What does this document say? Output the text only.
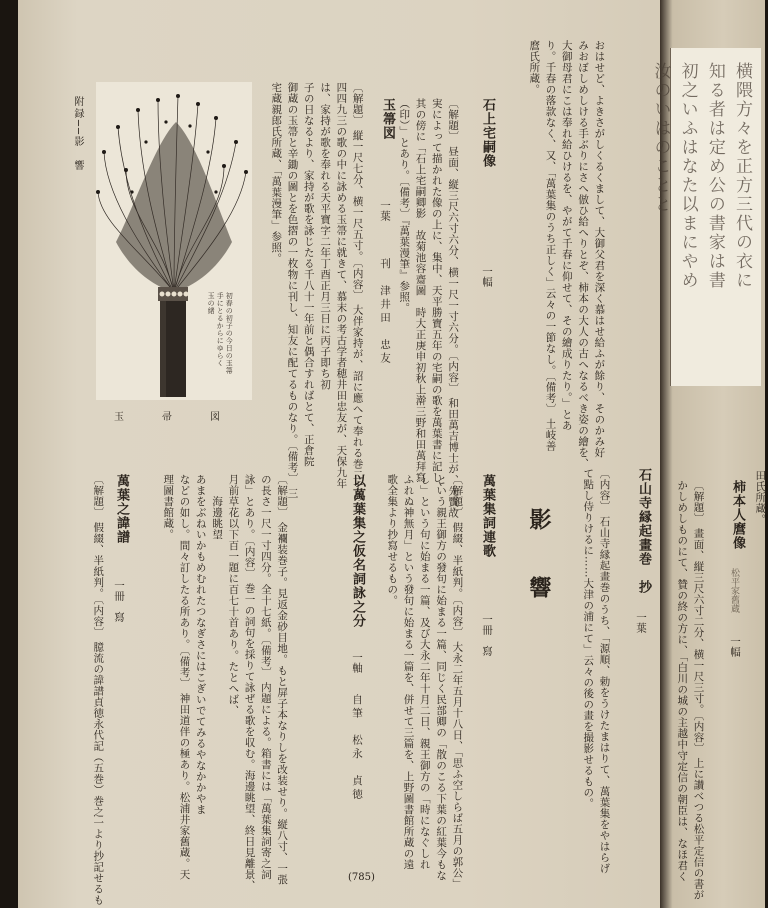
横隈方々を正方三代の衣に
知る者は定め公の書家は書
初之いふはなた以まにやめ
汝のいはのことと
柿本人麿像
松平家舊蔵
一幅
〔解題〕 畫面、縦三尺六寸二分、横一尺三寸。〔内容〕 上に讃べつる松平定信の書が
かしめしものにて、贊の終の方に、「白川の城の主越中守定信の朝臣は、なほ君く	田氏所蔵。
おはせど、よきさがしくるくまして、大御父君を深く慕はせ給ふが餘り、そのかみ好
みおぼしめしける手ぶりにさへ倣ひ給へりとぞ、柿本の大人の古へなるべき姿の繪を、
大御母君にこは奉れ給ひけるを、やがて千春に仰せて、その繪成りたり。」とあ
り。千春の落款なく、又、「萬葉集のうち正しく」云々の一節なし。〔備考〕 土岐善
麿氏所蔵。
石上宅嗣像
一幅
〔解題〕 昼面、縦三尺六寸六分、横一尺一寸六分。〔内容〕 和田萬吉博士が、先賢故
実によって描かれた像の上に、集中、天平勝寶五年の宅嗣の歌を萬葉書に記し、
其の傍に「石上宅嗣卿影　故菊池容齋圖　時大正庚申初秋上澣三野和田萬拜寫
（印）」とあり。〔備考〕『萬葉漫筆』参照。
玉箒図
一葉
刊　津井田　忠友
〔解題〕 縦一尺七分、横一尺五寸。〔内容〕 大伴家持が、詔に應へて奉れる巻二十の
四四九三の歌の中に詠める玉箒に就きて、慕末の考古学者穂井田忠友が、天保九年
は、家持が歌を奉れる天平寶字二年丁酉正月三日に丙子即ち初
子の日なるより、家持が歌を詠じたる千八十一年前と偶合すればとて、正倉院
御蔵の玉箒と辛鋤の圖とを色摺の一枚物に刊し、知友に配てるものなり。〔備考〕 三
宅蔵親郎氏所蔵、「萬葉漫筆」参照。
附録──影　響
初春の初子の今日の玉箒
手にとるからにゆらく
玉の緒
玉 帚 図
石山寺縁起畫巻　抄
一葉
〔内容〕 石山寺縁起畫巻のうち、「源順、勅をうけたまはりて、萬葉集をやはらげ
て點し侍りけるに……大津の浦にて」云々の後の畫を撮影せるもの。
影　響
萬葉集詞連歌
一冊　寫
〔解題〕 假綴、半紙判。〔内容〕 大永二年五月十八日、「思ふ空しらば五月の郭公」
という親王御方の發句に始まる一篇、同じく民部卿の「散のこる下葉の紅葉今もな
し」という句に始まる一篇、及び大永二年十月二日、親王御方の「時になぐしれ
ふれぬ神無月」という發句に始まる一篇を、併せて三篇を、上野圖書館所蔵の遠
歌全集より抄寫せるもの。
以萬葉集之仮名詞詠之分
一軸
自筆　松永　貞徳
〔解題〕 金襴装巻子。見返金砂目地。もと屏子本なりしを改装せり。縦八寸、一張
の長さ一尺一寸四分。全十七紙。〔備考〕 内題による。箱書には「萬葉集詞寄之詞
詠」とあり。〔内容〕 巻一の詞句を採りて詠ぜる歌を収む。海邊眺望、終日見離景、
月前草花以下百一題に百七十首あり。たとへば、
　　海邊眺望
あまをぶねいかもめむれたつなぎさにはこぎいでてみるやなかかやま
などの如し。間々訂したる所あり。〔備考〕 神田道伴の極あり。松浦井家舊蔵。天
理圖書館蔵。
萬葉之諱譜
一冊　寫
〔解題〕 假綴、半紙判。〔内容〕 臆流の諱譜貞徳永代記（五巻）巻之一より抄記せるも	(785)
